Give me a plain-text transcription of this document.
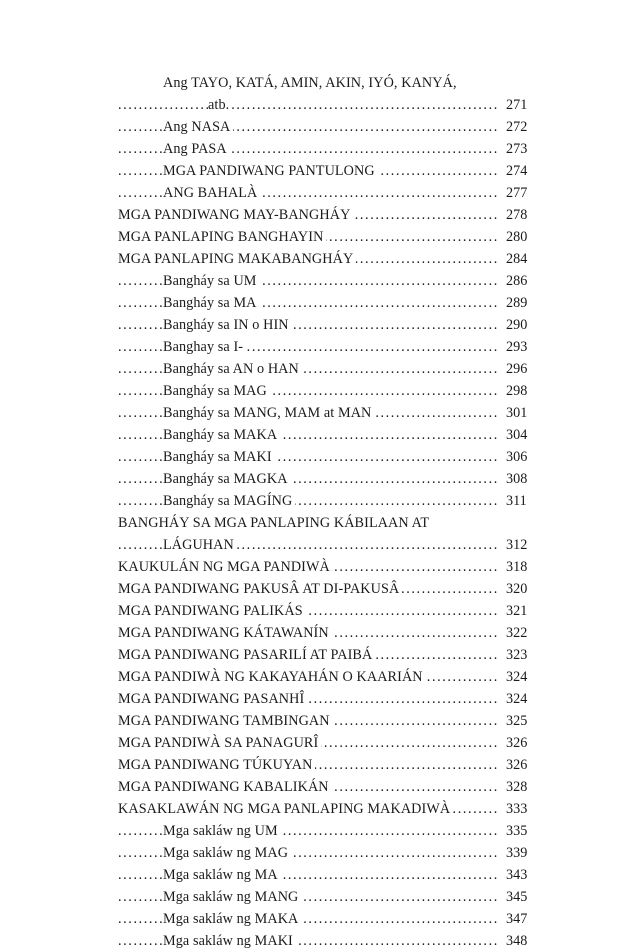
Ang TAYO, KATÁ, AMIN, AKIN, IYÓ, KANYÁ,
.....
atb.	271
.....
Ang NASA	272
.....
Ang PASA	273
.....
MGA PANDIWANG PANTULONG	274
.....
ANG BAHALÀ	277
.....
MGA PANDIWANG MAY-BANGHÁY	278
.....
MGA PANLAPING BANGHAYIN	280
.....
MGA PANLAPING MAKABANGHÁY	284
.....
Bangháy sa UM	286
.....
Bangháy sa MA	289
.....
Bangháy sa IN o HIN	290
.....
Banghay sa I-	293
.....
Bangháy sa AN o HAN	296
.....
Bangháy sa MAG	298
.....
Bangháy sa MANG, MAM at MAN	301
.....
Bangháy sa MAKA	304
.....
Bangháy sa MAKI	306
.....
Bangháy sa MAGKA	308
.....
Bangháy sa MAGÍNG	311
BANGHÁY SA MGA PANLAPING KÁBILAAN AT
.....
LÁGUHAN	312
.....
KAUKULÁN NG MGA PANDIWÀ	318
.....
MGA PANDIWANG PAKUSÂ AT DI-PAKUSÂ	320
.....
MGA PANDIWANG PALIKÁS	321
.....
MGA PANDIWANG KÁTAWANÍN	322
.....
MGA PANDIWANG PASARILÍ AT PAIBÁ	323
.....
MGA PANDIWÀ NG KAKAYAHÁN O KAARIÁN	324
.....
MGA PANDIWANG PASANHÎ	324
.....
MGA PANDIWANG TAMBINGAN	325
.....
MGA PANDIWÀ SA PANAGURÎ	326
.....
MGA PANDIWANG TÚKUYAN	326
.....
MGA PANDIWANG KABALIKÁN	328
.....
KASAKLAWÁN NG MGA PANLAPING MAKADIWÀ	333
.....
Mga sakláw ng UM	335
.....
Mga sakláw ng MAG	339
.....
Mga sakláw ng MA	343
.....
Mga sakláw ng MANG	345
.....
Mga sakláw ng MAKA	347
.....
Mga sakláw ng MAKI	348
